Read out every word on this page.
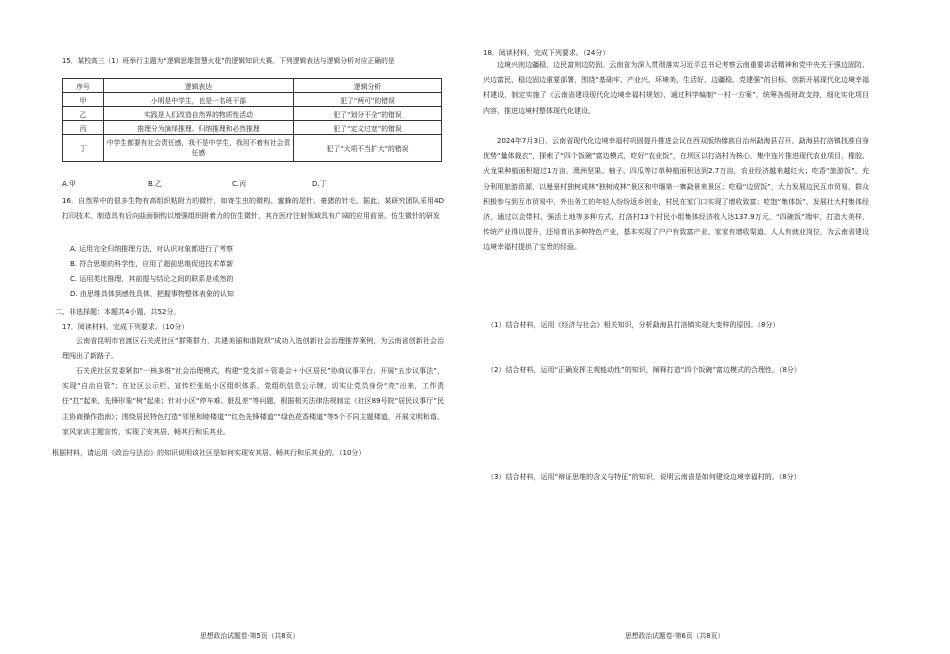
15．某校高三（1）班举行主题为“逻辑思维智慧火花”的逻辑知识大赛。下列逻辑表达与逻辑分析对应正确的是
序号	逻辑表达	逻辑分析
甲	小明是中学生，也是一名班干部	犯了“两可”的错误
乙	实践是人们改造自然界的物质性活动	犯了“划分不全”的错误
丙	推理分为演绎推理、归纳推理和必然推理	犯了“定义过宽”的错误
丁	中学生都要有社会责任感，我不是中学生，我用不着有社会责任感	犯了“大项不当扩大”的错误
A.甲	B.乙	C.丙	D.丁
16．自然界中的很多生物有高组织粘附力的微针，如寄生虫的微构、蜜蜂的尾针、豪猪的针毛。据此，某研究团队采用4D打印技术，制造具有后向曲面倒钩以增强组织附着力的仿生微针，其在医疗注射领域具有广阔的应用前景。仿生微针的研发
A. 运用完全归纳推理方法，对认识对象都进行了考察
B. 符合思维的科学性，应用了超前思维促进技术革新
C. 运用类比推理，其前提与结论之间的联系是或然的
D. 由思维具体到感性具体，把握事物整体表象的认知
二、非选择题：本题共4小题，共52分。
17．阅读材料，完成下列要求。（10分）
云南省昆明市官渡区石关虎社区“群策群力，共建美丽和谐院坝”成功入选创新社会治理推荐案例，为云南省创新社会治理闯出了新路子。
石关虎社区党委紧扣“一核多维”社会治理模式，构建“党支部＋管委会＋小区居民”协商议事平台，开展“五步议事法”，实现“自治自管”；在社区公示栏、宣传栏张贴小区组织体系、党组织信息公示牌，切实让党员身份“亮”出来，工作责任“扛”起来，先锋形象“树”起来；针对小区“停车难、脏乱差”等问题，根据相关法律法规制定《社区89号院“居民议事厅”民主协商操作指南》；围绕居民特色打造“邻里和睦楼道”“红色先锋楼道”“绿色花香楼道”等5个不同主题楼道，开展文明和谐、家风家训主题宣传，实现了安其居、畅其行和乐其业。
根据材料，请运用《政治与法治》的知识说明该社区是如何实现安其居、畅其行和乐其业的。（10分）
思想政治试题卷·第5页（共8页）
18．阅读材料，完成下列要求。（24分）
边境兴则边疆稳，边民富则边防固。云南省为深入贯彻落实习近平总书记考察云南重要讲话精神和党中央关于强边固防、兴边富民、稳边固边重要部署，围绕“基础牢、产业兴、环境美、生活好、边疆稳、党建强”的目标，创新开展现代化边境幸福村建设，制定实施了《云南省建设现代化边境幸福村规划》，通过科学编制“一村一方案”，统筹各级财政支持，细化实化项目内容，推进边境村整体现代化建设。
2024年7月3日，云南省现代化边境幸福村巩固提升推进会议在西双版纳傣族自治州勐海县召开。勐海县打洛镇找准自身优势“量体裁衣”，探索了“四个饭碗”富边模式，吃好“农业饭”，在坝区以打洛村为核心，集中连片推进现代农业项目，橡胶、火龙果种植面积超过1万亩，澳洲坚果、柚子、四瓜等订单种植面积达到2.7万亩，农业经济越来越红火；吃香“旅游饭”，充分利用旅游资源，以曼景村独树成林“独树成林”景区和中缅第一寨勐景来景区；吃稳“边贸饭”，大力发展边民互市贸易，群众积极参与到互市贸易中，外出务工的年轻人纷纷返乡创业，村民在家门口实现了增收致富；吃饱“集体饭”，发展壮大村集体经济，通过以企带村、强活土地等多种方式，打洛村13个村民小组集体经济收入达137.9万元，“四碗饭”端牢，打造大美样，传统产业得以提升，还培育出多种特色产业，基本实现了户户有致富产业、家家有增收渠道、人人有就业岗位，为云南省建设边境幸福村提供了宝贵的经验。
（1）结合材料，运用《经济与社会》相关知识，分析勐海县打洛镇实现大变样的原因。（8分）
（2）结合材料，运用“正确发挥主观能动性”的知识，阐释打造“四个饭碗”富边模式的合理性。（8分）
（3）结合材料，运用“辩证思维的含义与特征”的知识，说明云南省是如何建设边境幸福村的。（8分）
思想政治试题卷·第6页（共8页）
